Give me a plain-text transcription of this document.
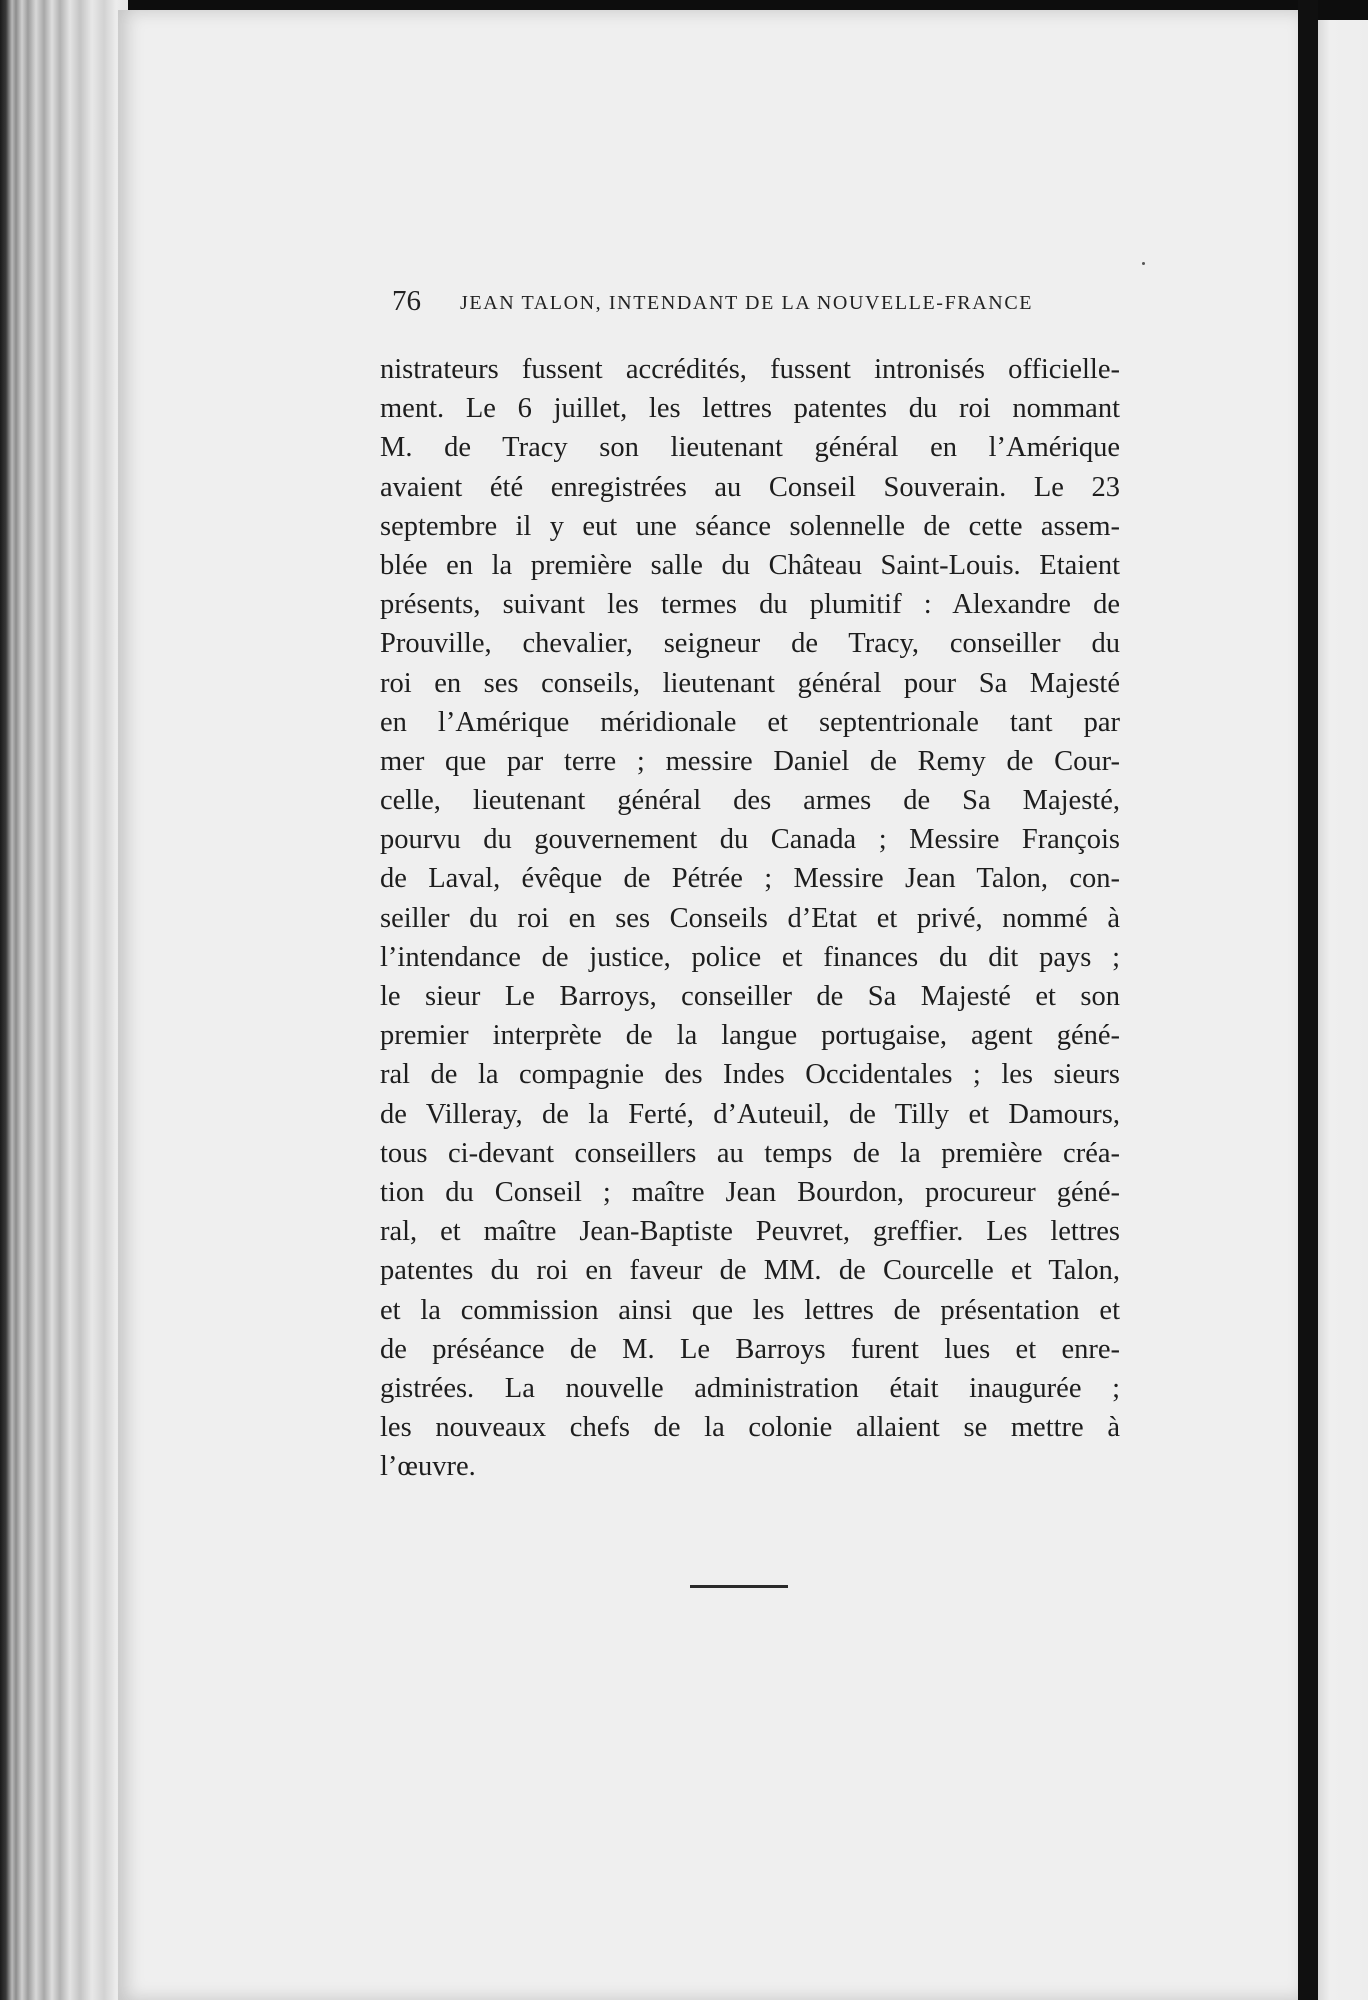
76 JEAN TALON, INTENDANT DE LA NOUVELLE-FRANCE
nistrateurs fussent accrédités, fussent intronisés officielle-
ment. Le 6 juillet, les lettres patentes du roi nommant
M. de Tracy son lieutenant général en l’Amérique
avaient été enregistrées au Conseil Souverain. Le 23
septembre il y eut une séance solennelle de cette assem-
blée en la première salle du Château Saint-Louis. Etaient
présents, suivant les termes du plumitif : Alexandre de
Prouville, chevalier, seigneur de Tracy, conseiller du
roi en ses conseils, lieutenant général pour Sa Majesté
en l’Amérique méridionale et septentrionale tant par
mer que par terre ; messire Daniel de Remy de Cour-
celle, lieutenant général des armes de Sa Majesté,
pourvu du gouvernement du Canada ; Messire François
de Laval, évêque de Pétrée ; Messire Jean Talon, con-
seiller du roi en ses Conseils d’Etat et privé, nommé à
l’intendance de justice, police et finances du dit pays ;
le sieur Le Barroys, conseiller de Sa Majesté et son
premier interprète de la langue portugaise, agent géné-
ral de la compagnie des Indes Occidentales ; les sieurs
de Villeray, de la Ferté, d’Auteuil, de Tilly et Damours,
tous ci-devant conseillers au temps de la première créa-
tion du Conseil ; maître Jean Bourdon, procureur géné-
ral, et maître Jean-Baptiste Peuvret, greffier. Les lettres
patentes du roi en faveur de MM. de Courcelle et Talon,
et la commission ainsi que les lettres de présentation et
de préséance de M. Le Barroys furent lues et enre-
gistrées. La nouvelle administration était inaugurée ;
les nouveaux chefs de la colonie allaient se mettre à
l’œuvre.
